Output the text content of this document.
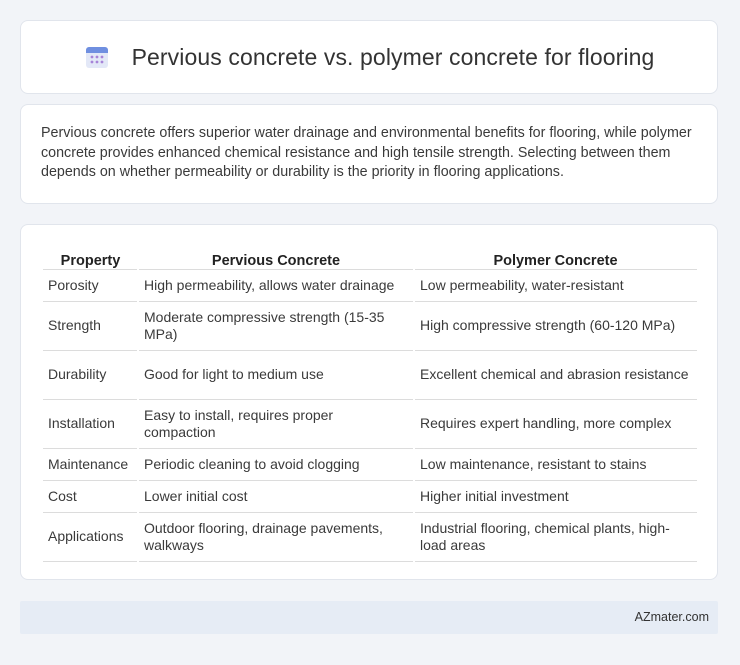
Pervious concrete vs. polymer concrete for flooring

Pervious concrete offers superior water drainage and environmental benefits for flooring, while polymer concrete provides enhanced chemical resistance and high tensile strength. Selecting between them depends on whether permeability or durability is the priority in flooring applications.

Property	Pervious Concrete	Polymer Concrete
Porosity	High permeability, allows water drainage	Low permeability, water-resistant
Strength	Moderate compressive strength (15-35 MPa)	High compressive strength (60-120 MPa)
Durability	Good for light to medium use	Excellent chemical and abrasion resistance
Installation	Easy to install, requires proper compaction	Requires expert handling, more complex
Maintenance	Periodic cleaning to avoid clogging	Low maintenance, resistant to stains
Cost	Lower initial cost	Higher initial investment
Applications	Outdoor flooring, drainage pavements, walkways	Industrial flooring, chemical plants, high-load areas
AZmater.com
